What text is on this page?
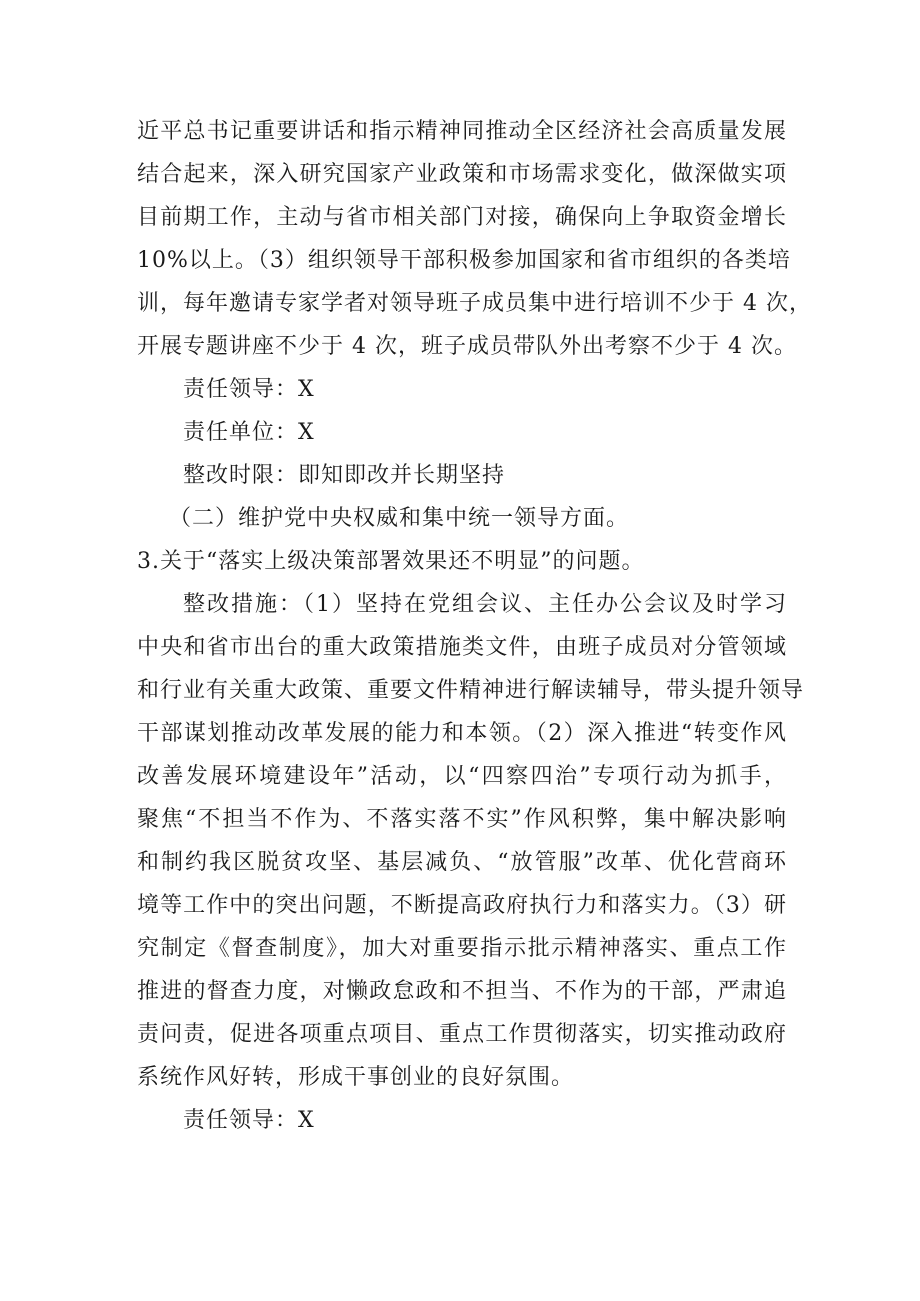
近平总书记重要讲话和指示精神同推动全区经济社会高质量发展
结合起来，深入研究国家产业政策和市场需求变化，做深做实项
目前期工作，主动与省市相关部门对接，确保向上争取资金增长
10%以上。（3）组织领导干部积极参加国家和省市组织的各类培
训，每年邀请专家学者对领导班子成员集中进行培训不少于 4 次，
开展专题讲座不少于 4 次，班子成员带队外出考察不少于 4 次。
责任领导：X
责任单位：X
整改时限：即知即改并长期坚持
（二）维护党中央权威和集中统一领导方面。
3.关于“落实上级决策部署效果还不明显”的问题。
整改措施：（1）坚持在党组会议、主任办公会议及时学习
中央和省市出台的重大政策措施类文件，由班子成员对分管领域
和行业有关重大政策、重要文件精神进行解读辅导，带头提升领导
干部谋划推动改革发展的能力和本领。（2）深入推进“转变作风
改善发展环境建设年”活动，以“四察四治”专项行动为抓手，
聚焦“不担当不作为、不落实落不实”作风积弊，集中解决影响
和制约我区脱贫攻坚、基层减负、“放管服”改革、优化营商环
境等工作中的突出问题，不断提高政府执行力和落实力。（3）研
究制定《督查制度》，加大对重要指示批示精神落实、重点工作
推进的督查力度，对懒政怠政和不担当、不作为的干部，严肃追
责问责，促进各项重点项目、重点工作贯彻落实，切实推动政府
系统作风好转，形成干事创业的良好氛围。
责任领导：X
